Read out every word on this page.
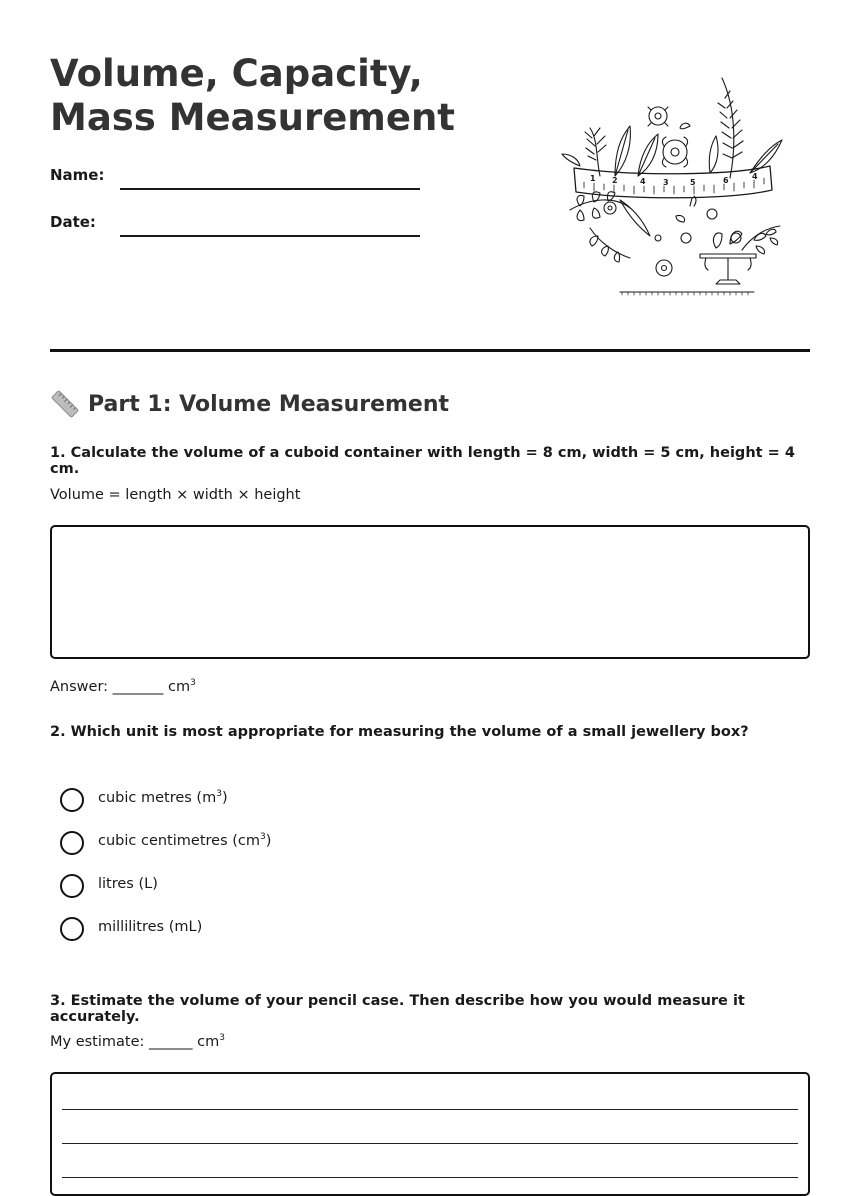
Volume, Capacity, Mass Measurement
Name:
Date:
1 2	4 3	5	6	4
Part 1: Volume Measurement
1. Calculate the volume of a cuboid container with length = 8 cm, width = 5 cm, height = 4 cm.
Volume = length × width × height
Answer: _______ $cm^3$
2. Which unit is most appropriate for measuring the volume of a small jewellery box?
cubic metres $(m^3)$
cubic centimetres $(cm^3)$
litres (L)
millilitres (mL)
3. Estimate the volume of your pencil case. Then describe how you would measure it accurately.
My estimate: ______ $cm^3$
